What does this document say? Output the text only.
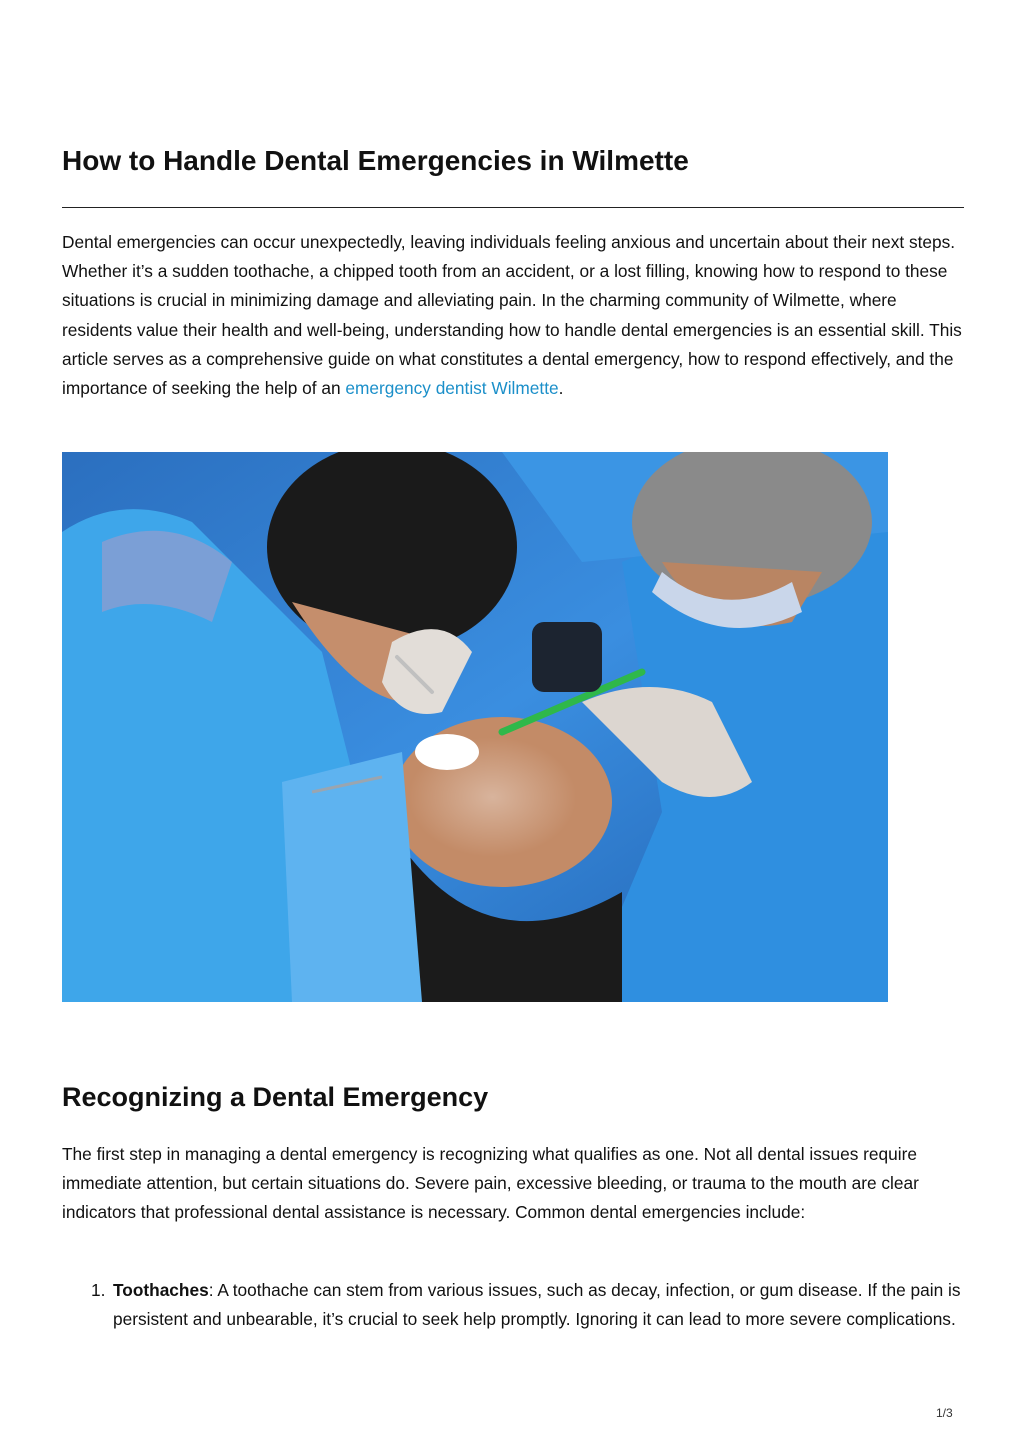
How to Handle Dental Emergencies in Wilmette

Dental emergencies can occur unexpectedly, leaving individuals feeling anxious and uncertain about their next steps. Whether it’s a sudden toothache, a chipped tooth from an accident, or a lost filling, knowing how to respond to these situations is crucial in minimizing damage and alleviating pain. In the charming community of Wilmette, where residents value their health and well-being, understanding how to handle dental emergencies is an essential skill. This article serves as a comprehensive guide on what constitutes a dental emergency, how to respond effectively, and the importance of seeking the help of an emergency dentist Wilmette.

Recognizing a Dental Emergency

The first step in managing a dental emergency is recognizing what qualifies as one. Not all dental issues require immediate attention, but certain situations do. Severe pain, excessive bleeding, or trauma to the mouth are clear indicators that professional dental assistance is necessary. Common dental emergencies include:

1. Toothaches: A toothache can stem from various issues, such as decay, infection, or gum disease. If the pain is persistent and unbearable, it’s crucial to seek help promptly. Ignoring it can lead to more severe complications.
1/3
